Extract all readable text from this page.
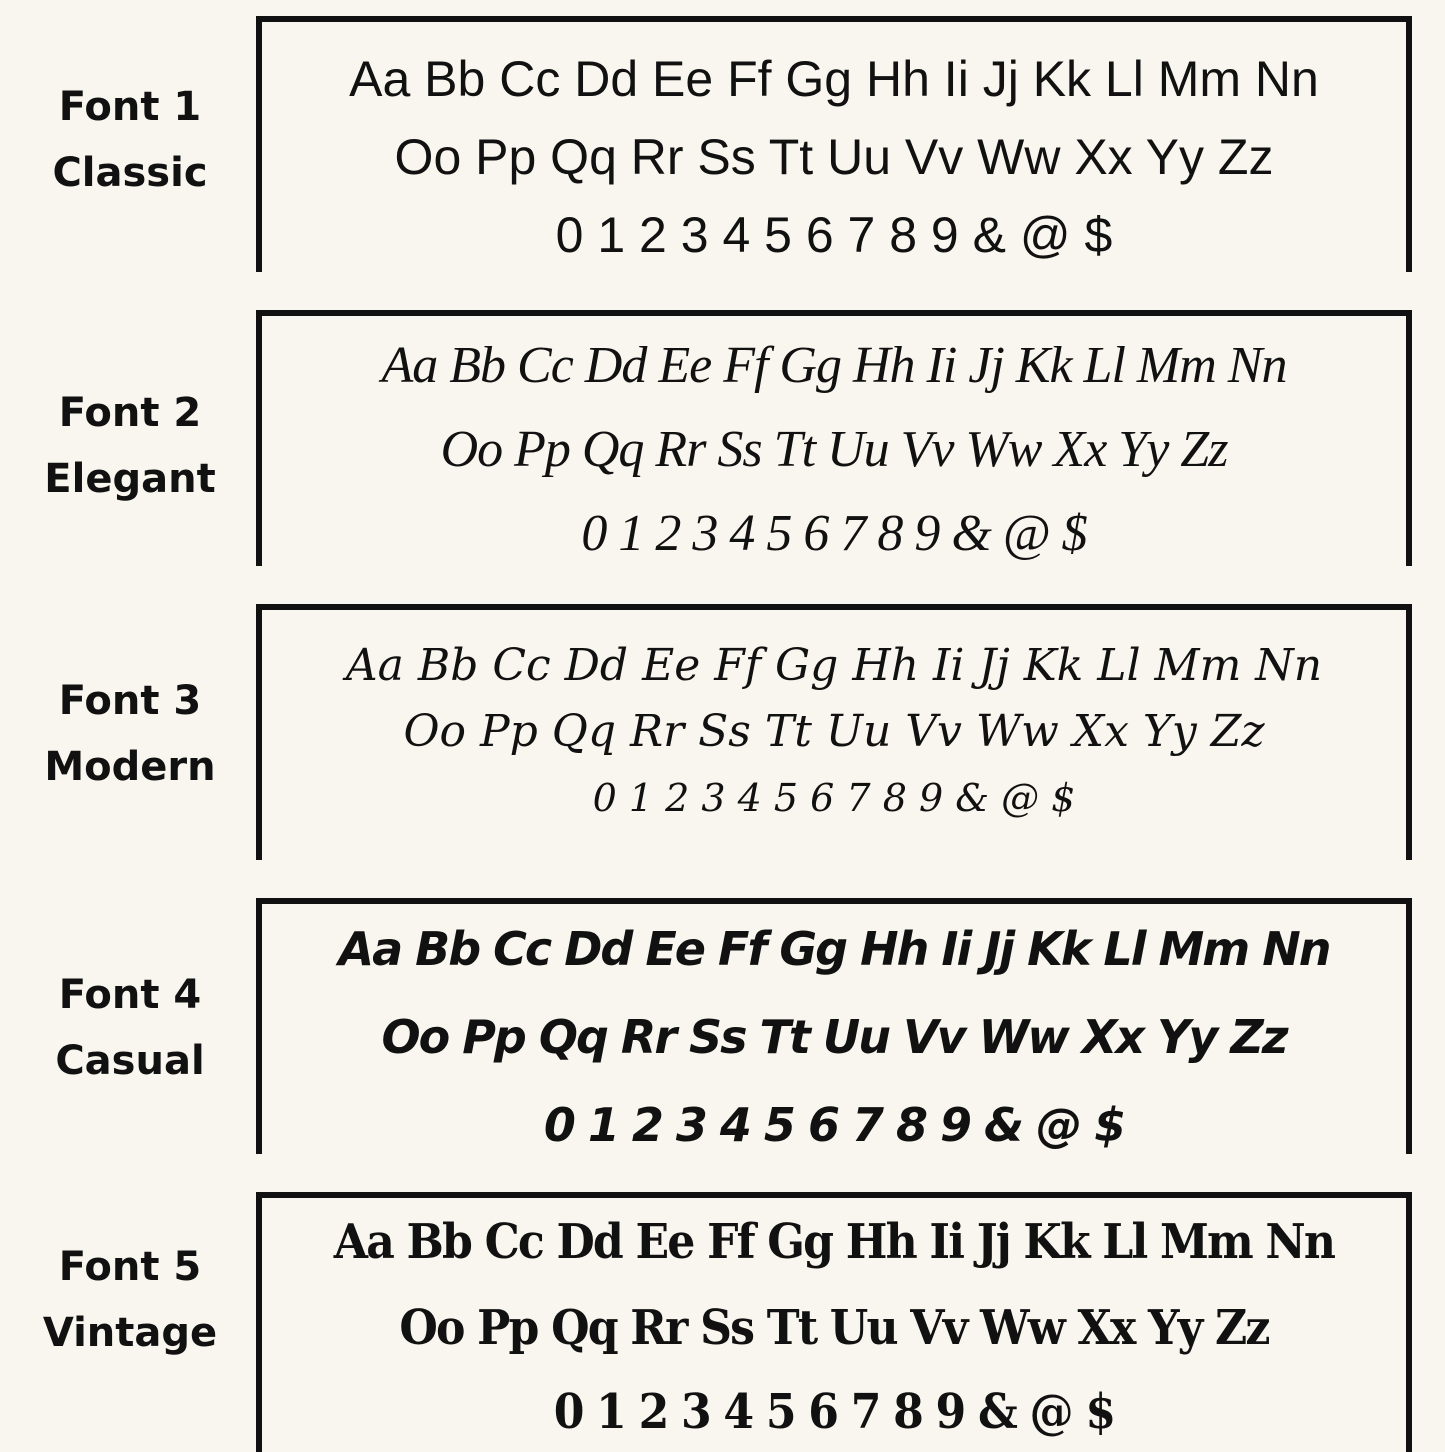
Font 1
Classic
Aa Bb Cc Dd Ee Ff Gg Hh Ii Jj Kk Ll Mm Nn
Oo Pp Qq Rr Ss Tt Uu Vv Ww Xx Yy Zz
0 1 2 3 4 5 6 7 8 9 & @ $
Font 2
Elegant
Aa Bb Cc Dd Ee Ff Gg Hh Ii Jj Kk Ll Mm Nn
Oo Pp Qq Rr Ss Tt Uu Vv Ww Xx Yy Zz
0 1 2 3 4 5 6 7 8 9 & @ $
Font 3
Modern
Aa Bb Cc Dd Ee Ff Gg Hh Ii Jj Kk Ll Mm Nn
Oo Pp Qq Rr Ss Tt Uu Vv Ww Xx Yy Zz
0 1 2 3 4 5 6 7 8 9 & @ $
Font 4
Casual
Aa Bb Cc Dd Ee Ff Gg Hh Ii Jj Kk Ll Mm Nn
Oo Pp Qq Rr Ss Tt Uu Vv Ww Xx Yy Zz
0 1 2 3 4 5 6 7 8 9 & @ $
Font 5
Vintage
Aa Bb Cc Dd Ee Ff Gg Hh Ii Jj Kk Ll Mm Nn
Oo Pp Qq Rr Ss Tt Uu Vv Ww Xx Yy Zz
0 1 2 3 4 5 6 7 8 9 & @ $
